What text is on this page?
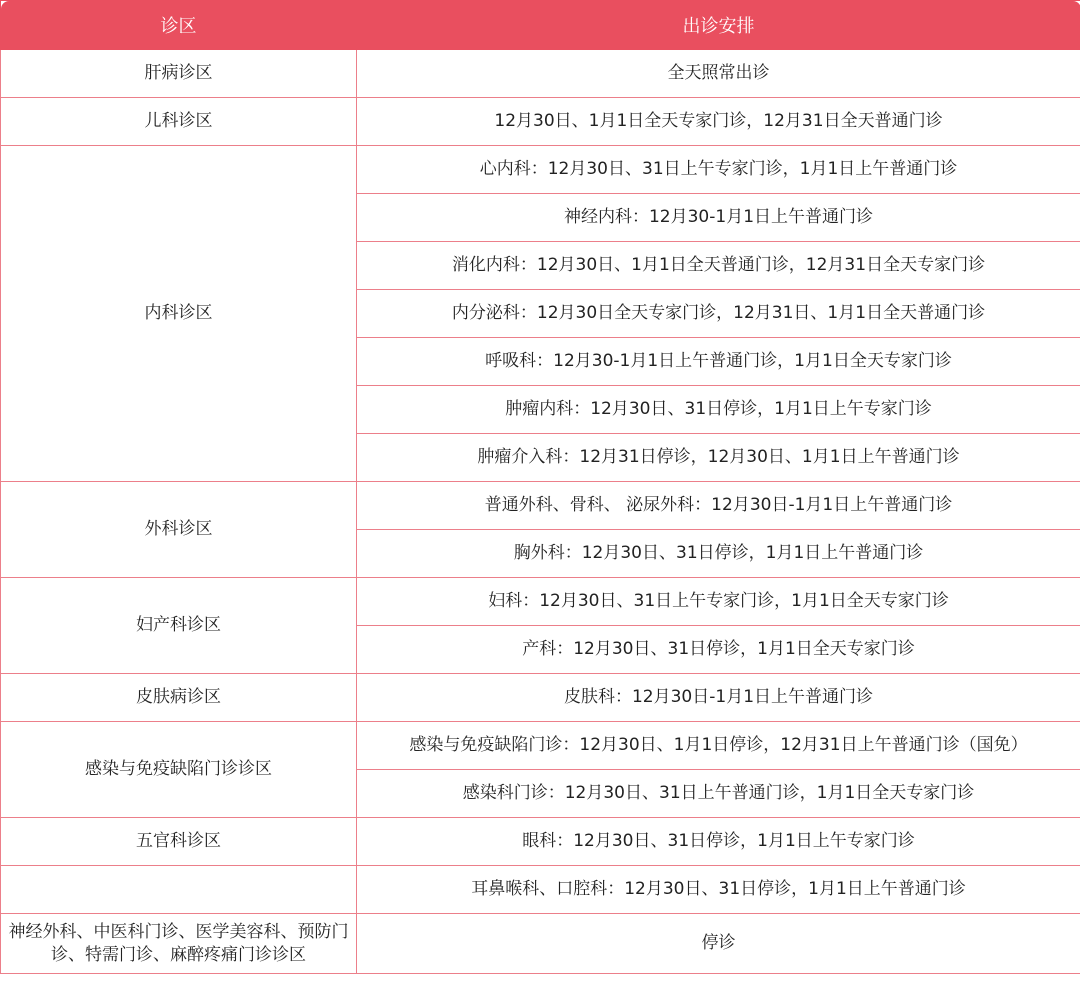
诊区	出诊安排
肝病诊区	全天照常出诊
儿科诊区	12月30日、1月1日全天专家门诊，12月31日全天普通门诊
内科诊区	心内科：12月30日、31日上午专家门诊，1月1日上午普通门诊
	神经内科：12月30-1月1日上午普通门诊
	消化内科：12月30日、1月1日全天普通门诊，12月31日全天专家门诊
	内分泌科：12月30日全天专家门诊，12月31日、1月1日全天普通门诊
	呼吸科：12月30-1月1日上午普通门诊，1月1日全天专家门诊
	肿瘤内科：12月30日、31日停诊，1月1日上午专家门诊
	肿瘤介入科：12月31日停诊，12月30日、1月1日上午普通门诊
外科诊区	普通外科、骨科、 泌尿外科：12月30日-1月1日上午普通门诊
	胸外科：12月30日、31日停诊，1月1日上午普通门诊
妇产科诊区	妇科：12月30日、31日上午专家门诊，1月1日全天专家门诊
	产科：12月30日、31日停诊，1月1日全天专家门诊
皮肤病诊区	皮肤科：12月30日-1月1日上午普通门诊
感染与免疫缺陷门诊诊区	感染与免疫缺陷门诊：12月30日、1月1日停诊，12月31日上午普通门诊（国免）
	感染科门诊：12月30日、31日上午普通门诊，1月1日全天专家门诊
五官科诊区	眼科：12月30日、31日停诊，1月1日上午专家门诊
	耳鼻喉科、口腔科：12月30日、31日停诊，1月1日上午普通门诊
神经外科、中医科门诊、医学美容科、预防门诊、特需门诊、麻醉疼痛门诊诊区	停诊
